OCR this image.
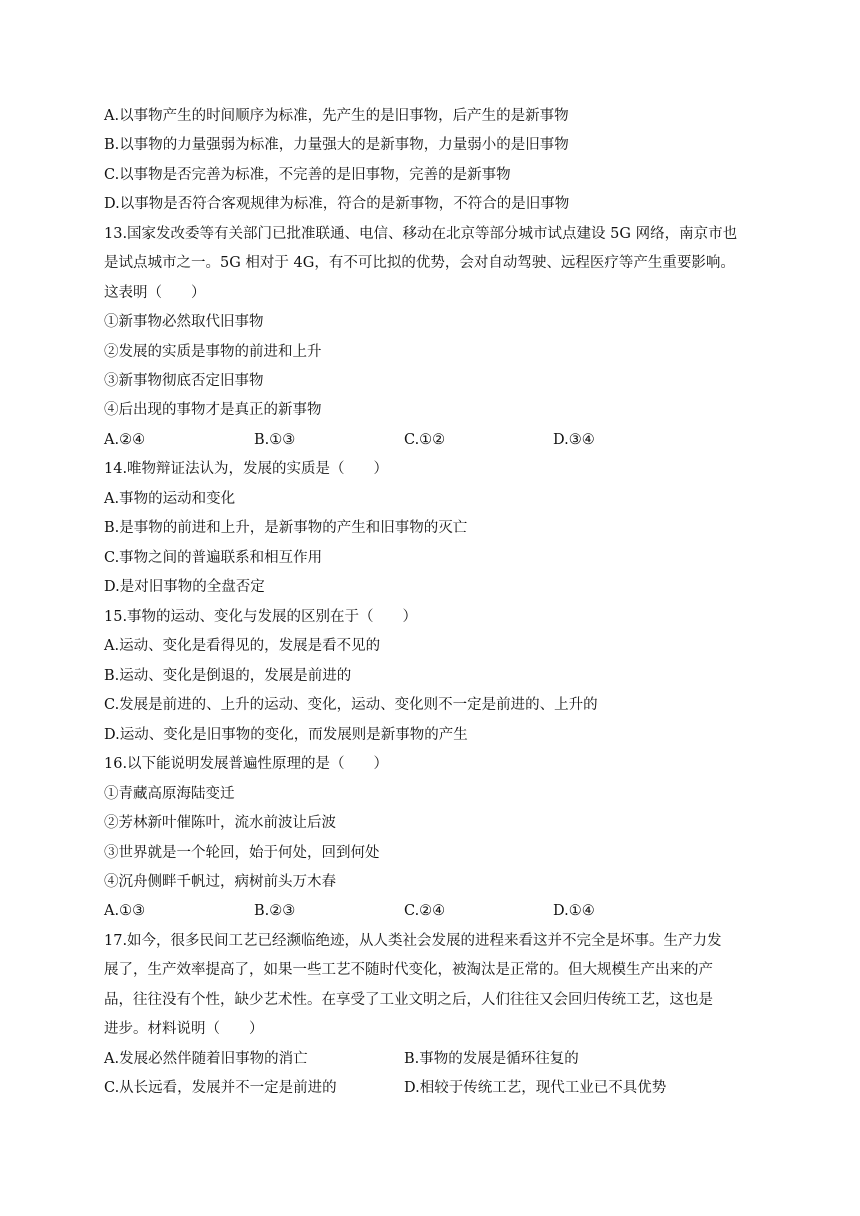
A.以事物产生的时间顺序为标准，先产生的是旧事物，后产生的是新事物
B.以事物的力量强弱为标准，力量强大的是新事物，力量弱小的是旧事物
C.以事物是否完善为标准，不完善的是旧事物，完善的是新事物
D.以事物是否符合客观规律为标准，符合的是新事物，不符合的是旧事物
13.国家发改委等有关部门已批准联通、电信、移动在北京等部分城市试点建设 5G 网络，南京市也
是试点城市之一。5G 相对于 4G，有不可比拟的优势，会对自动驾驶、远程医疗等产生重要影响。
这表明（　　）
①新事物必然取代旧事物
②发展的实质是事物的前进和上升
③新事物彻底否定旧事物
④后出现的事物才是真正的新事物
A.②④	B.①③	C.①②	D.③④
14.唯物辩证法认为，发展的实质是（　　）
A.事物的运动和变化
B.是事物的前进和上升，是新事物的产生和旧事物的灭亡
C.事物之间的普遍联系和相互作用
D.是对旧事物的全盘否定
15.事物的运动、变化与发展的区别在于（　　）
A.运动、变化是看得见的，发展是看不见的
B.运动、变化是倒退的，发展是前进的
C.发展是前进的、上升的运动、变化，运动、变化则不一定是前进的、上升的
D.运动、变化是旧事物的变化，而发展则是新事物的产生
16.以下能说明发展普遍性原理的是（　　）
①青藏高原海陆变迁
②芳林新叶催陈叶，流水前波让后波
③世界就是一个轮回，始于何处，回到何处
④沉舟侧畔千帆过，病树前头万木春
A.①③	B.②③	C.②④	D.①④
17.如今，很多民间工艺已经濒临绝迹，从人类社会发展的进程来看这并不完全是坏事。生产力发
展了，生产效率提高了，如果一些工艺不随时代变化，被淘汰是正常的。但大规模生产出来的产
品，往往没有个性，缺少艺术性。在享受了工业文明之后，人们往往又会回归传统工艺，这也是
进步。材料说明（　　）
A.发展必然伴随着旧事物的消亡	B.事物的发展是循环往复的
C.从长远看，发展并不一定是前进的	D.相较于传统工艺，现代工业已不具优势
